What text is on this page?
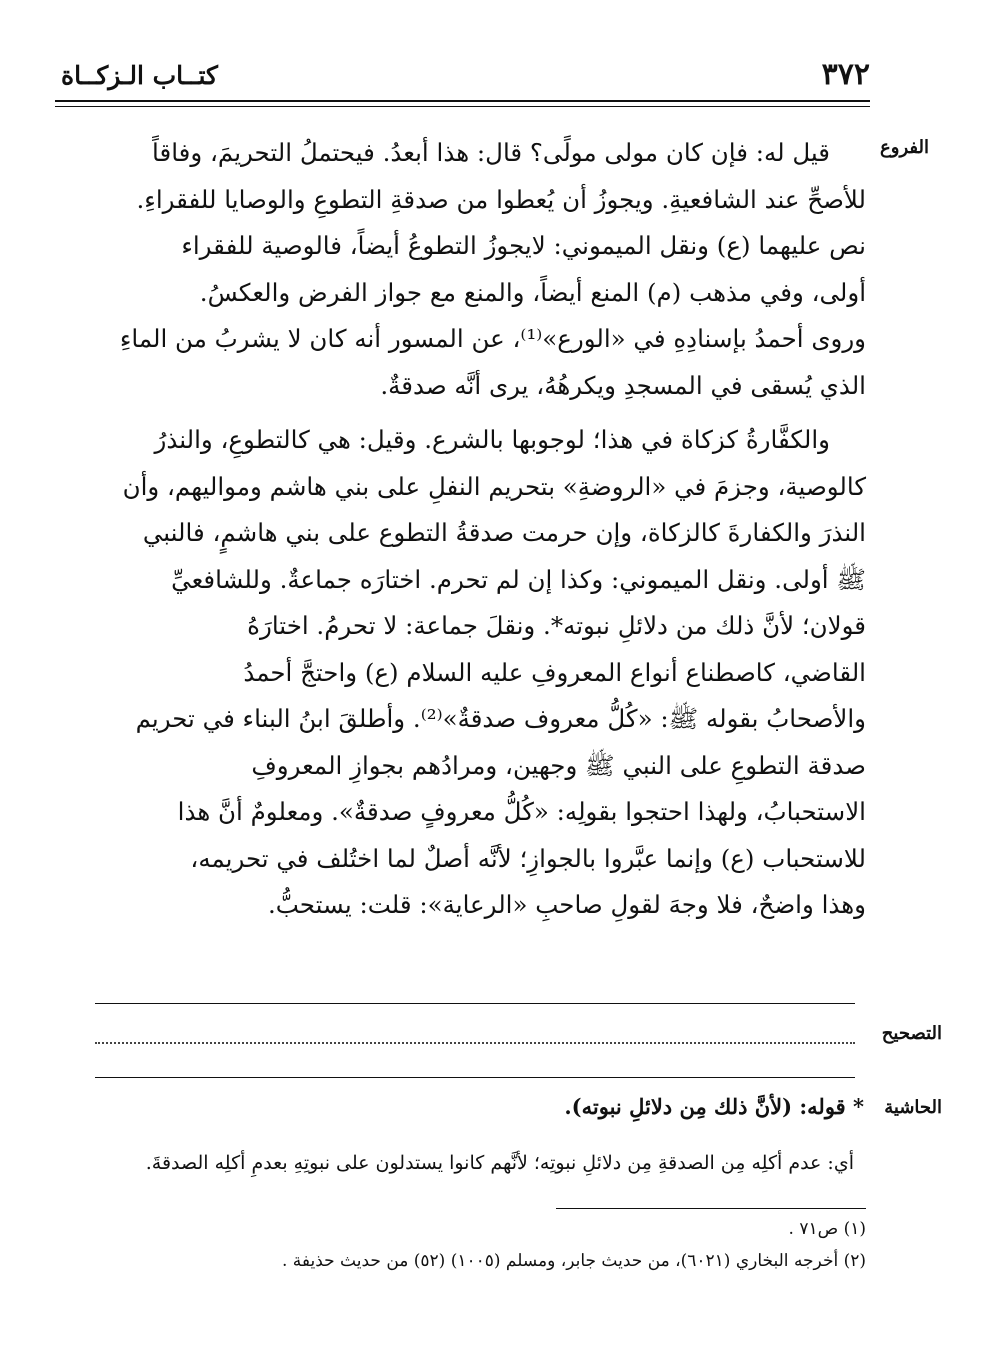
٣٧٢

كتــاب الـزكــاة

الفروع

قيل له: فإن كان مولى مولًى؟ قال: هذا أبعدُ. فيحتملُ التحريمَ، وفاقاً
للأصحِّ عند الشافعيةِ. ويجوزُ أن يُعطوا من صدقةِ التطوعِ والوصايا للفقراءِ.
نص عليهما (ع) ونقل الميموني: لايجوزُ التطوعُ أيضاً، فالوصية للفقراء
أولى، وفي مذهب (م) المنع أيضاً، والمنع مع جواز الفرض والعكسُ.
وروى أحمدُ بإسنادِهِ في «الورع»⁽¹⁾، عن المسور أنه كان لا يشربُ من الماءِ
الذي يُسقى في المسجدِ ويكرهُهُ، يرى أنَّه صدقةٌ.

والكفَّارةُ كزكاة في هذا؛ لوجوبها بالشرع. وقيل: هي كالتطوعِ، والنذرُ
كالوصية، وجزمَ في «الروضةِ» بتحريم النفلِ على بني هاشم ومواليهم، وأن
النذرَ والكفارةَ كالزكاة، وإن حرمت صدقةُ التطوع على بني هاشمٍ، فالنبي
ﷺ أولى. ونقل الميموني: وكذا إن لم تحرم. اختارَه جماعةٌ. وللشافعيِّ
قولان؛ لأنَّ ذلك من دلائلِ نبوته*. ونقلَ جماعة: لا تحرمُ. اختارَهُ
القاضي، كاصطناع أنواع المعروفِ عليه السلام (ع) واحتجَّ أحمدُ
والأصحابُ بقوله ﷺ: «كُلُّ معروف صدقةٌ»⁽²⁾. وأطلقَ ابنُ البناء في تحريم
صدقة التطوعِ على النبي ﷺ وجهين، ومرادُهم بجوازِ المعروفِ
الاستحبابُ، ولهذا احتجوا بقولِه: «كُلُّ معروفٍ صدقةٌ». ومعلومٌ أنَّ هذا
للاستحباب (ع) وإنما عبَّروا بالجوازِ؛ لأنَّه أصلٌ لما اختُلف في تحريمه،
وهذا واضحٌ، فلا وجهَ لقولِ صاحبِ «الرعاية»: قلت: يستحبُّ.

التصحيح

الحاشية

* قوله: (لأنَّ ذلك مِن دلائلِ نبوته).

أي: عدم أكلِه مِن الصدقةِ مِن دلائلِ نبوتِه؛ لأنَّهم كانوا يستدلون على نبوتِهِ بعدمِ أكلِه الصدقةَ.

(١) ص٧١ .

(٢) أخرجه البخاري (٦٠٢١)، من حديث جابر، ومسلم (١٠٠٥) (٥٢) من حديث حذيفة .
